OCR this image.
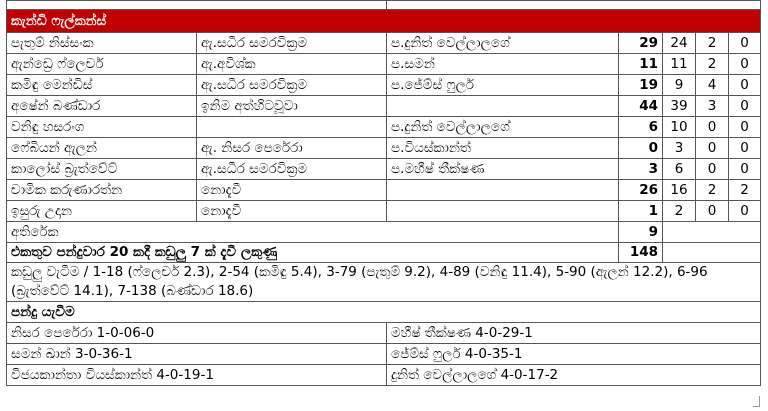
කැන්ඩි ෆැල්කන්ස්						
පැතුම් නිස්සංක	ඇ.සධීර සමරවික්‍රම	ප.දුනිත් වෙල්ලාලගේ	29	24	2	0
ඇන්ඩ්‍රෙ ෆ්ලෙචර්	ඇ.අවිශ්ක	ප.සමන්	11	11	2	0
කමිඳු මෙන්ඩිස්	ඇ.සධීර සමරවික්‍රම	ප.ජේම්ස් ෆුලර්	19	9	4	0
අෂේන් බණ්ඩාර	ඉනිම අත්හිටවූවා		44	39	3	0
වනිඳු හසරංග		ප.දුනිත් වෙල්ලාලගේ	6	10	0	0
ෆේබියන් ඇලන්	ඇ. නිසර පෙරේරා	ප.වියස්කාන්ත්	0	3	0	0
කාලෝස් බ්‍රැත්වේට්	ඇ.සධීර සමරවික්‍රම	ප.මහීෂ් තීක්ෂණ	3	6	0	0
චාමික කරුණාරත්න	නොදැවී		26	16	2	2
ඉසුරු උදාන	නොදැවී		1	2	0	0
අතිරේක			9			
එකතුව පන්දුවාර 20 කදී කඩුලු 7 ක් දැවී ලකුණු			148			
කඩුලු වැටීම / 1-18 (ෆ්ලෙචර් 2.3), 2-54 (කමිඳු 5.4), 3-79 (පැතුම් 9.2), 4-89 (වනිඳු 11.4), 5-90 (ඇලන් 12.2), 6-96 (බ්‍රැත්වේට් 14.1), 7-138 (බණ්ඩාර 18.6)						
පන්දු යැවීම						
නිසර පෙරේරා 1-0-06-0		මහීෂ් තීක්ෂණ 4-0-29-1				
සමන් ඛාන් 3-0-36-1		ජේම්ස් ෆුලර් 4-0-35-1				
විජයකාන්තා වියස්කාන්ත් 4-0-19-1		දුනිත් වෙල්ලාලගේ 4-0-17-2				
